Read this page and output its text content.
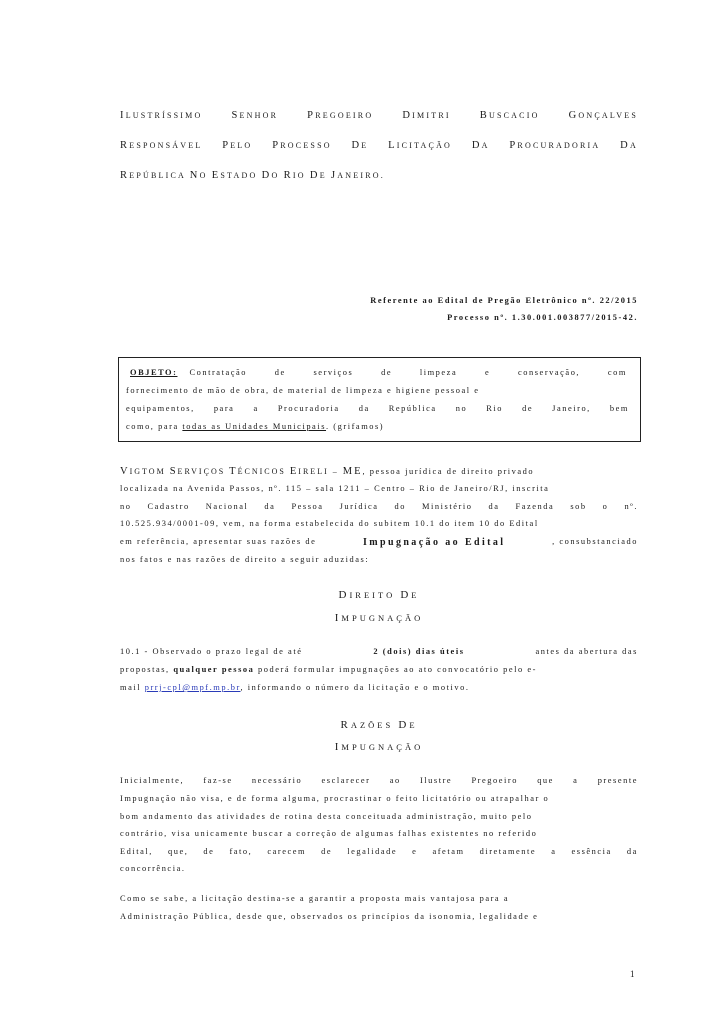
ILUSTRÍSSIMO	SENHOR	PREGOEIRO	DIMITRI	BUSCACIO	GONÇALVES
RESPONSÁVEL PELO PROCESSO DE LICITAÇÃO DA PROCURADORIA DA
REPÚBLICA NO ESTADO DO RIO DE JANEIRO.
Referente ao Edital de Pregão Eletrônico nº. 22/2015
Processo nº. 1.30.001.003877/2015-42.
OBJETO: Contratação	de	serviços	de	limpeza	e	conservação,	com
fornecimento de mão de obra, de material de limpeza e higiene pessoal e
equipamentos, para a Procuradoria da República no Rio de Janeiro, bem
como, para todas as Unidades Municipais. (grifamos)
VIGTOM SERVIÇOS TÉCNICOS EIRELI – ME, pessoa jurídica de direito privado
localizada na Avenida Passos, nº. 115 – sala 1211 – Centro – Rio de Janeiro/RJ, inscrita
no Cadastro Nacional da Pessoa Jurídica do Ministério da Fazenda sob o nº.
10.525.934/0001-09, vem, na forma estabelecida do subitem 10.1 do item 10 do Edital
em referência, apresentar suas razões de	Impugnação ao Edital	, consubstanciado
nos fatos e nas razões de direito a seguir aduzidas:
DIREITO DE
IMPUGNAÇÃO
10.1 - Observado o prazo legal de até	2 (dois) dias úteis	antes da abertura das
propostas, qualquer pessoa poderá formular impugnações ao ato convocatório pelo e-
mail prrj-cpl@mpf.mp.br, informando o número da licitação e o motivo.
RAZÕES DE
IMPUGNAÇÃO
Inicialmente, faz-se necessário esclarecer ao Ilustre Pregoeiro que a presente
Impugnação não visa, e de forma alguma, procrastinar o feito licitatório ou atrapalhar o
bom andamento das atividades de rotina desta conceituada administração, muito pelo
contrário, visa unicamente buscar a correção de algumas falhas existentes no referido
Edital, que, de fato, carecem de legalidade e afetam diretamente a essência da
concorrência.
Como se sabe, a licitação destina-se a garantir a proposta mais vantajosa para a
Administração Pública, desde que, observados os princípios da isonomia, legalidade e
1
